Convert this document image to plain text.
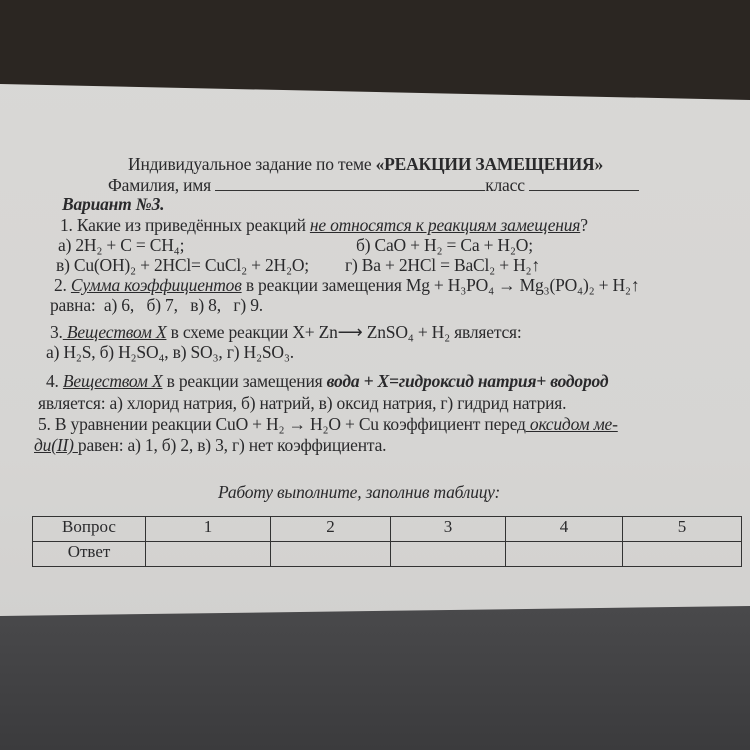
Индивидуальное задание по теме «РЕАКЦИИ ЗАМЕЩЕНИЯ»
Фамилия, имя	класс
Вариант №3.
1. Какие из приведённых реакций не относятся к реакциям замещения?
а) 2H₂ + C = CH₄;	б) CaO + H₂ = Ca + H₂O;
в) Cu(OH)₂ + 2HCl= CuCl₂ + 2H₂O; г) Ba + 2HCl = BaCl₂ + H₂↑
2. Сумма коэффициентов в реакции замещения Mg + H₃PO₄ → Mg₃(PO₄)₂ + H₂↑
равна:  а) 6,   б) 7,   в) 8,   г) 9.
3. Веществом X в схеме реакции X+ Zn⟶ ZnSO₄ + H₂ является:
а) H₂S, б) H₂SO₄, в) SO₃, г) H₂SO₃.
4. Веществом X в реакции замещения вода + X=гидроксид натрия+ водород
является: а) хлорид натрия, б) натрий, в) оксид натрия, г) гидрид натрия.
5. В уравнении реакции CuO + H₂ → H₂O + Cu коэффициент перед оксидом ме-
ди(II) равен: а) 1, б) 2, в) 3, г) нет коэффициента.
Работу выполните, заполнив таблицу:
Вопрос	1	2	3	4	5
Ответ					
